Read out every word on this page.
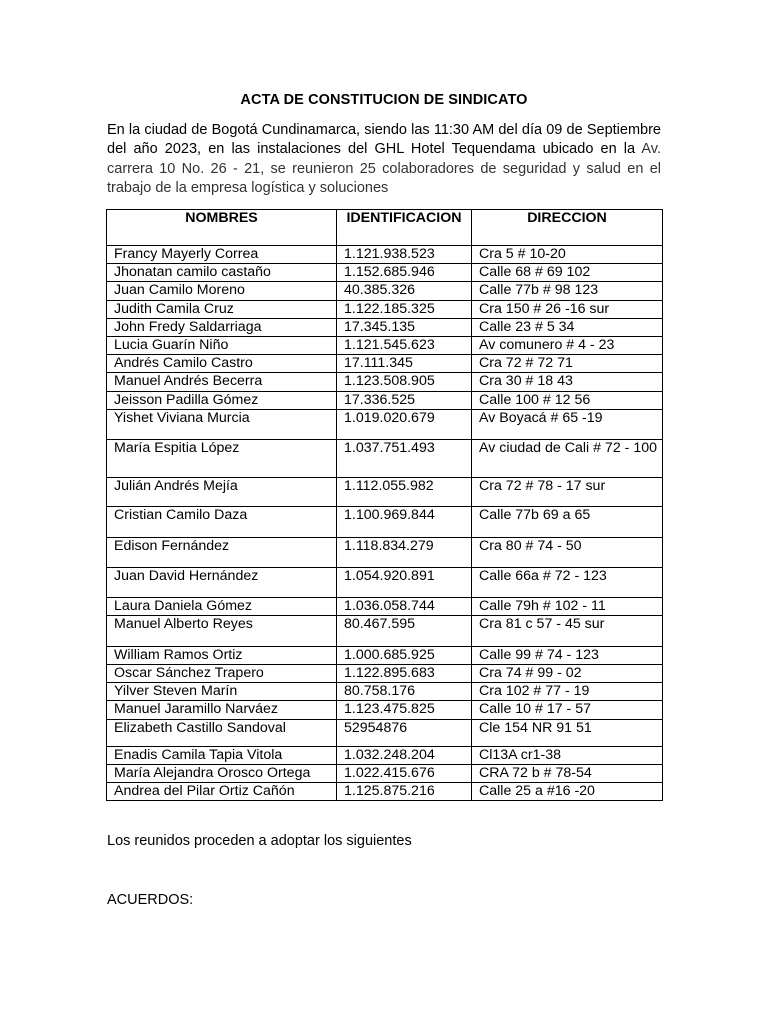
ACTA DE CONSTITUCION DE SINDICATO
En la ciudad de Bogotá Cundinamarca, siendo las 11:30 AM del día 09 de Septiembre del año 2023, en las instalaciones del GHL Hotel Tequendama ubicado en la Av. carrera 10 No. 26 - 21, se reunieron 25 colaboradores de seguridad y salud en el trabajo de la empresa logística y soluciones
NOMBRES	IDENTIFICACION	DIRECCION
Francy Mayerly Correa	1.121.938.523	Cra 5 # 10-20
Jhonatan camilo castaño	1.152.685.946	Calle 68 # 69 102
Juan Camilo Moreno	40.385.326	Calle 77b # 98 123
Judith Camila Cruz	1.122.185.325	Cra 150 # 26 -16 sur
John Fredy Saldarriaga	17.345.135	Calle 23 # 5 34
Lucia Guarín Niño	1.121.545.623	Av comunero # 4 - 23
Andrés Camilo Castro	17.111.345	Cra 72 # 72 71
Manuel Andrés Becerra	1.123.508.905	Cra 30 # 18 43
Jeisson Padilla Gómez	17.336.525	Calle 100 # 12 56
Yishet Viviana Murcia	1.019.020.679	Av Boyacá # 65 -19
María Espitia López	1.037.751.493	Av ciudad de Cali # 72 - 100
Julián Andrés Mejía	1.112.055.982	Cra 72 # 78 - 17 sur
Cristian Camilo Daza	1.100.969.844	Calle 77b 69 a 65
Edison Fernández	1.118.834.279	Cra 80 # 74 - 50
Juan David Hernández	1.054.920.891	Calle 66a # 72 - 123
Laura Daniela Gómez	1.036.058.744	Calle 79h # 102 - 11
Manuel Alberto Reyes	80.467.595	Cra 81 c 57 - 45 sur
William Ramos Ortiz	1.000.685.925	Calle 99 # 74 - 123
Oscar Sánchez Trapero	1.122.895.683	Cra 74 # 99 - 02
Yilver Steven Marín	80.758.176	Cra 102 # 77 - 19
Manuel Jaramillo Narváez	1.123.475.825	Calle 10 # 17 - 57
Elizabeth Castillo Sandoval	52954876	Cle 154 NR 91 51
Enadis Camila Tapia Vitola	1.032.248.204	Cl13A cr1-38
María Alejandra Orosco Ortega	1.022.415.676	CRA 72 b # 78-54
Andrea del Pilar Ortiz Cañón	1.125.875.216	Calle 25 a #16 -20
Los reunidos proceden a adoptar los siguientes
ACUERDOS:
